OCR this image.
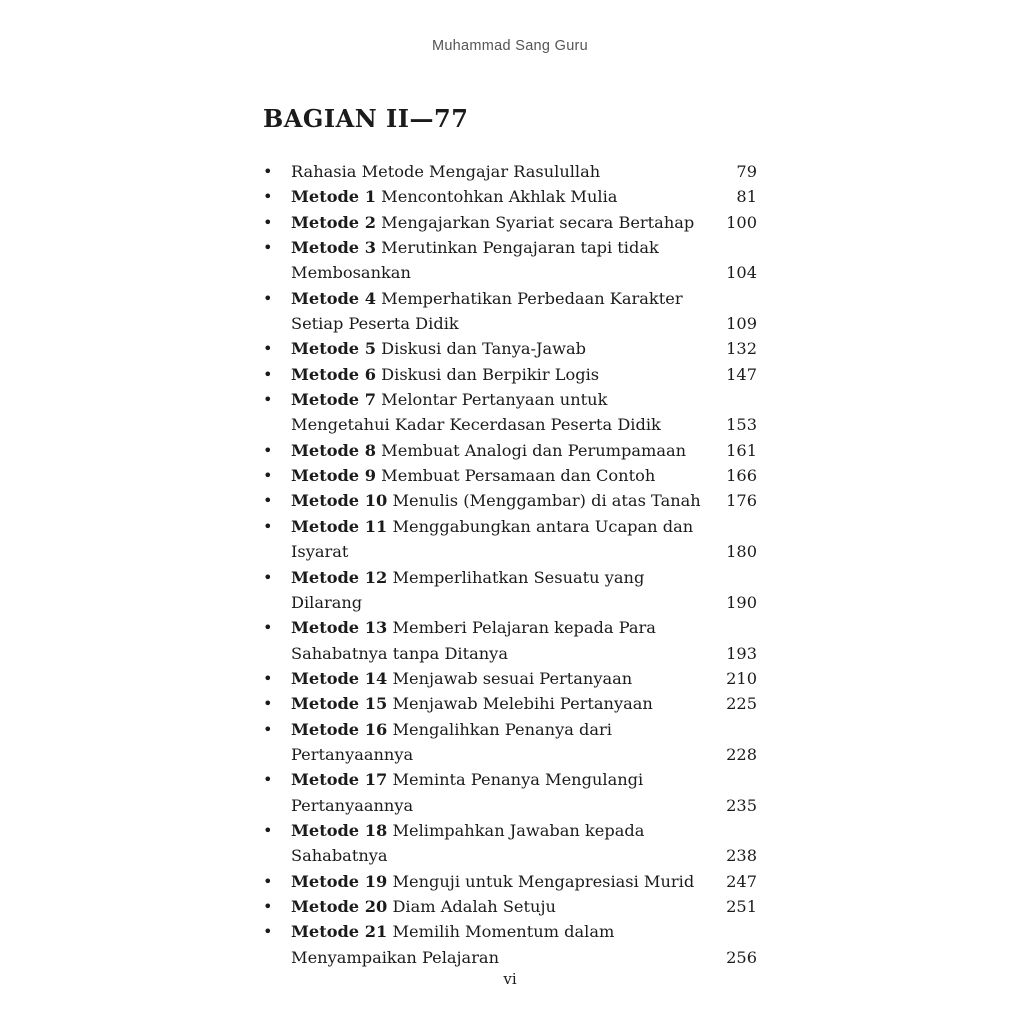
Muhammad Sang Guru
BAGIAN II—77
• Rahasia Metode Mengajar Rasulullah	79
• Metode 1 Mencontohkan Akhlak Mulia	81
• Metode 2 Mengajarkan Syariat secara Bertahap 100
• Metode 3 Merutinkan Pengajaran tapi tidak Membosankan	104
• Metode 4 Memperhatikan Perbedaan Karakter Setiap Peserta Didik	109
• Metode 5 Diskusi dan Tanya-Jawab	132
• Metode 6 Diskusi dan Berpikir Logis	147
• Metode 7 Melontar Pertanyaan untuk Mengetahui Kadar Kecerdasan Peserta Didik	153
• Metode 8 Membuat Analogi dan Perumpamaan 161
• Metode 9 Membuat Persamaan dan Contoh	166
• Metode 10 Menulis (Menggambar) di atas Tanah 176
• Metode 11 Menggabungkan antara Ucapan dan Isyarat	180
• Metode 12 Memperlihatkan Sesuatu yang Dilarang	190
• Metode 13 Memberi Pelajaran kepada Para Sahabatnya tanpa Ditanya	193
• Metode 14 Menjawab sesuai Pertanyaan	210
• Metode 15 Menjawab Melebihi Pertanyaan	225
• Metode 16 Mengalihkan Penanya dari Pertanyaannya	228
• Metode 17 Meminta Penanya Mengulangi Pertanyaannya	235
• Metode 18 Melimpahkan Jawaban kepada Sahabatnya	238
• Metode 19 Menguji untuk Mengapresiasi Murid 247
• Metode 20 Diam Adalah Setuju	251
• Metode 21 Memilih Momentum dalam Menyampaikan Pelajaran	256
vi
